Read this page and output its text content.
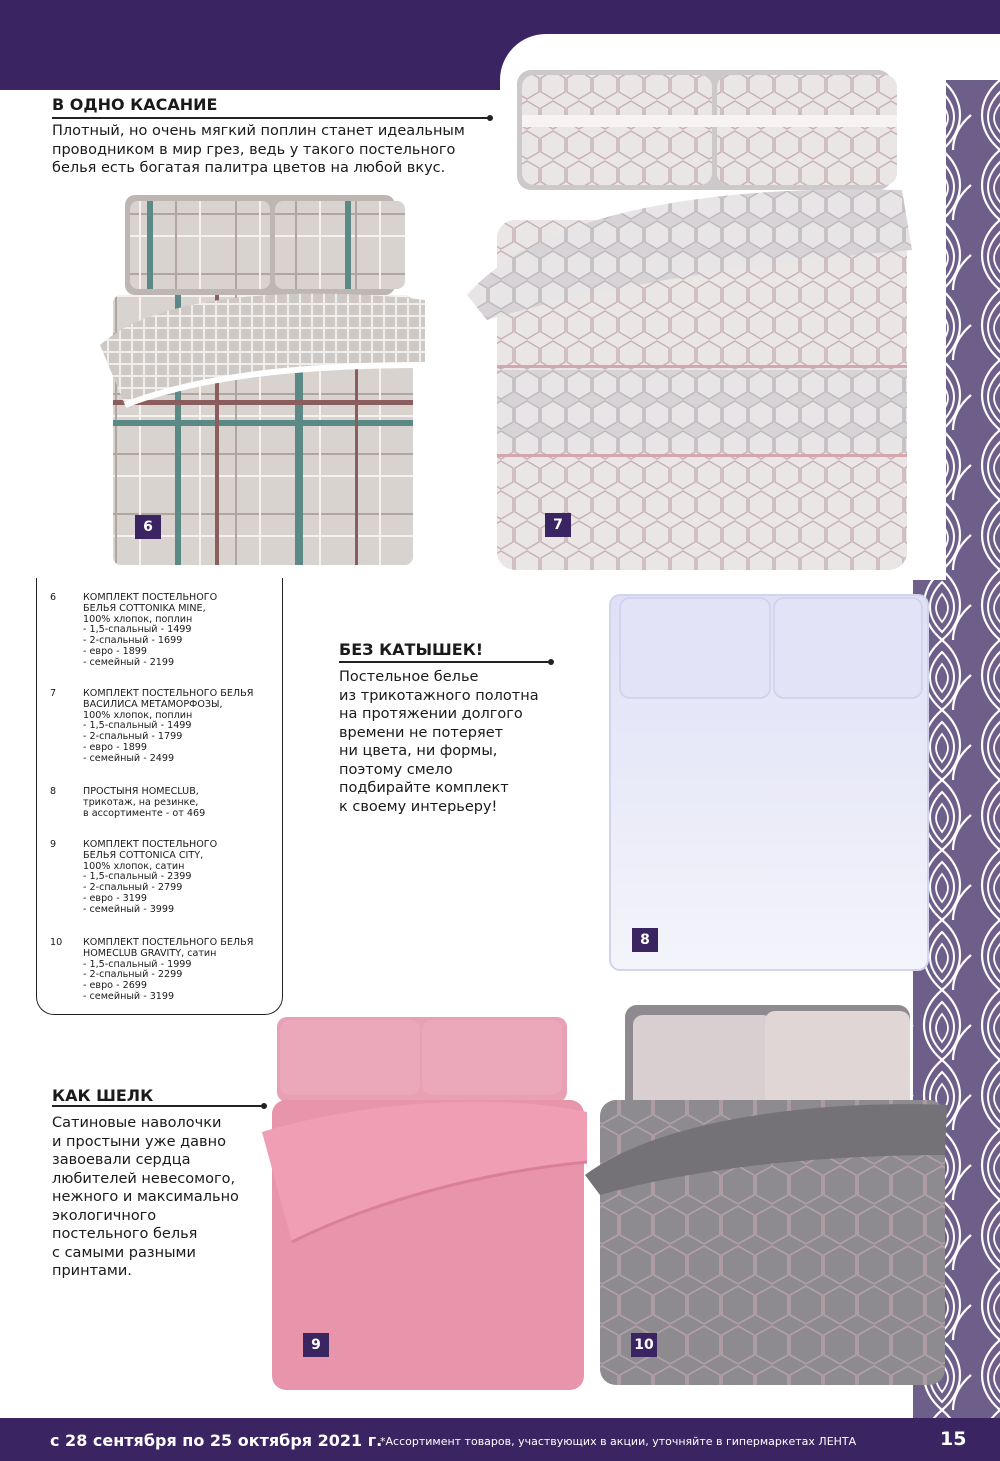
В ОДНО КАСАНИЕ
Плотный, но очень мягкий поплин станет идеальным
проводником в мир грез, ведь у такого постельного
белья есть богатая палитра цветов на любой вкус.
6	7
6	КОМПЛЕКТ ПОСТЕЛЬНОГО
БЕЛЬЯ COTTONIKA MINE,
100% хлопок, поплин
- 1,5-спальный - 1499
- 2-спальный - 1699
- евро - 1899
- семейный - 2199
7	КОМПЛЕКТ ПОСТЕЛЬНОГО БЕЛЬЯ
ВАСИЛИСА МЕТАМОРФОЗЫ,
100% хлопок, поплин
- 1,5-спальный - 1499
- 2-спальный - 1799
- евро - 1899
- семейный - 2499
8	ПРОСТЫНЯ HOMECLUB,
трикотаж, на резинке,
в ассортименте - от 469
9	КОМПЛЕКТ ПОСТЕЛЬНОГО
БЕЛЬЯ COTTONICA CITY,
100% хлопок, сатин
- 1,5-спальный - 2399
- 2-спальный - 2799
- евро - 3199
- семейный - 3999
10 КОМПЛЕКТ ПОСТЕЛЬНОГО БЕЛЬЯ
HOMECLUB GRAVITY, сатин
- 1,5-спальный - 1999
- 2-спальный - 2299
- евро - 2699
- семейный - 3199
БЕЗ КАТЫШЕК!
Постельное белье
из трикотажного полотна
на протяжении долгого
времени не потеряет
ни цвета, ни формы,
поэтому смело
подбирайте комплект
к своему интерьеру!
8
КАК ШЕЛК
Сатиновые наволочки
и простыни уже давно
завоевали сердца
любителей невесомого,
нежного и максимально
экологичного
постельного белья
с самыми разными
принтами.
9	10
с 28 сентября по 25 октября 2021 г.
*Ассортимент товаров, участвующих в акции, уточняйте в гипермаркетах ЛЕНТА	15
